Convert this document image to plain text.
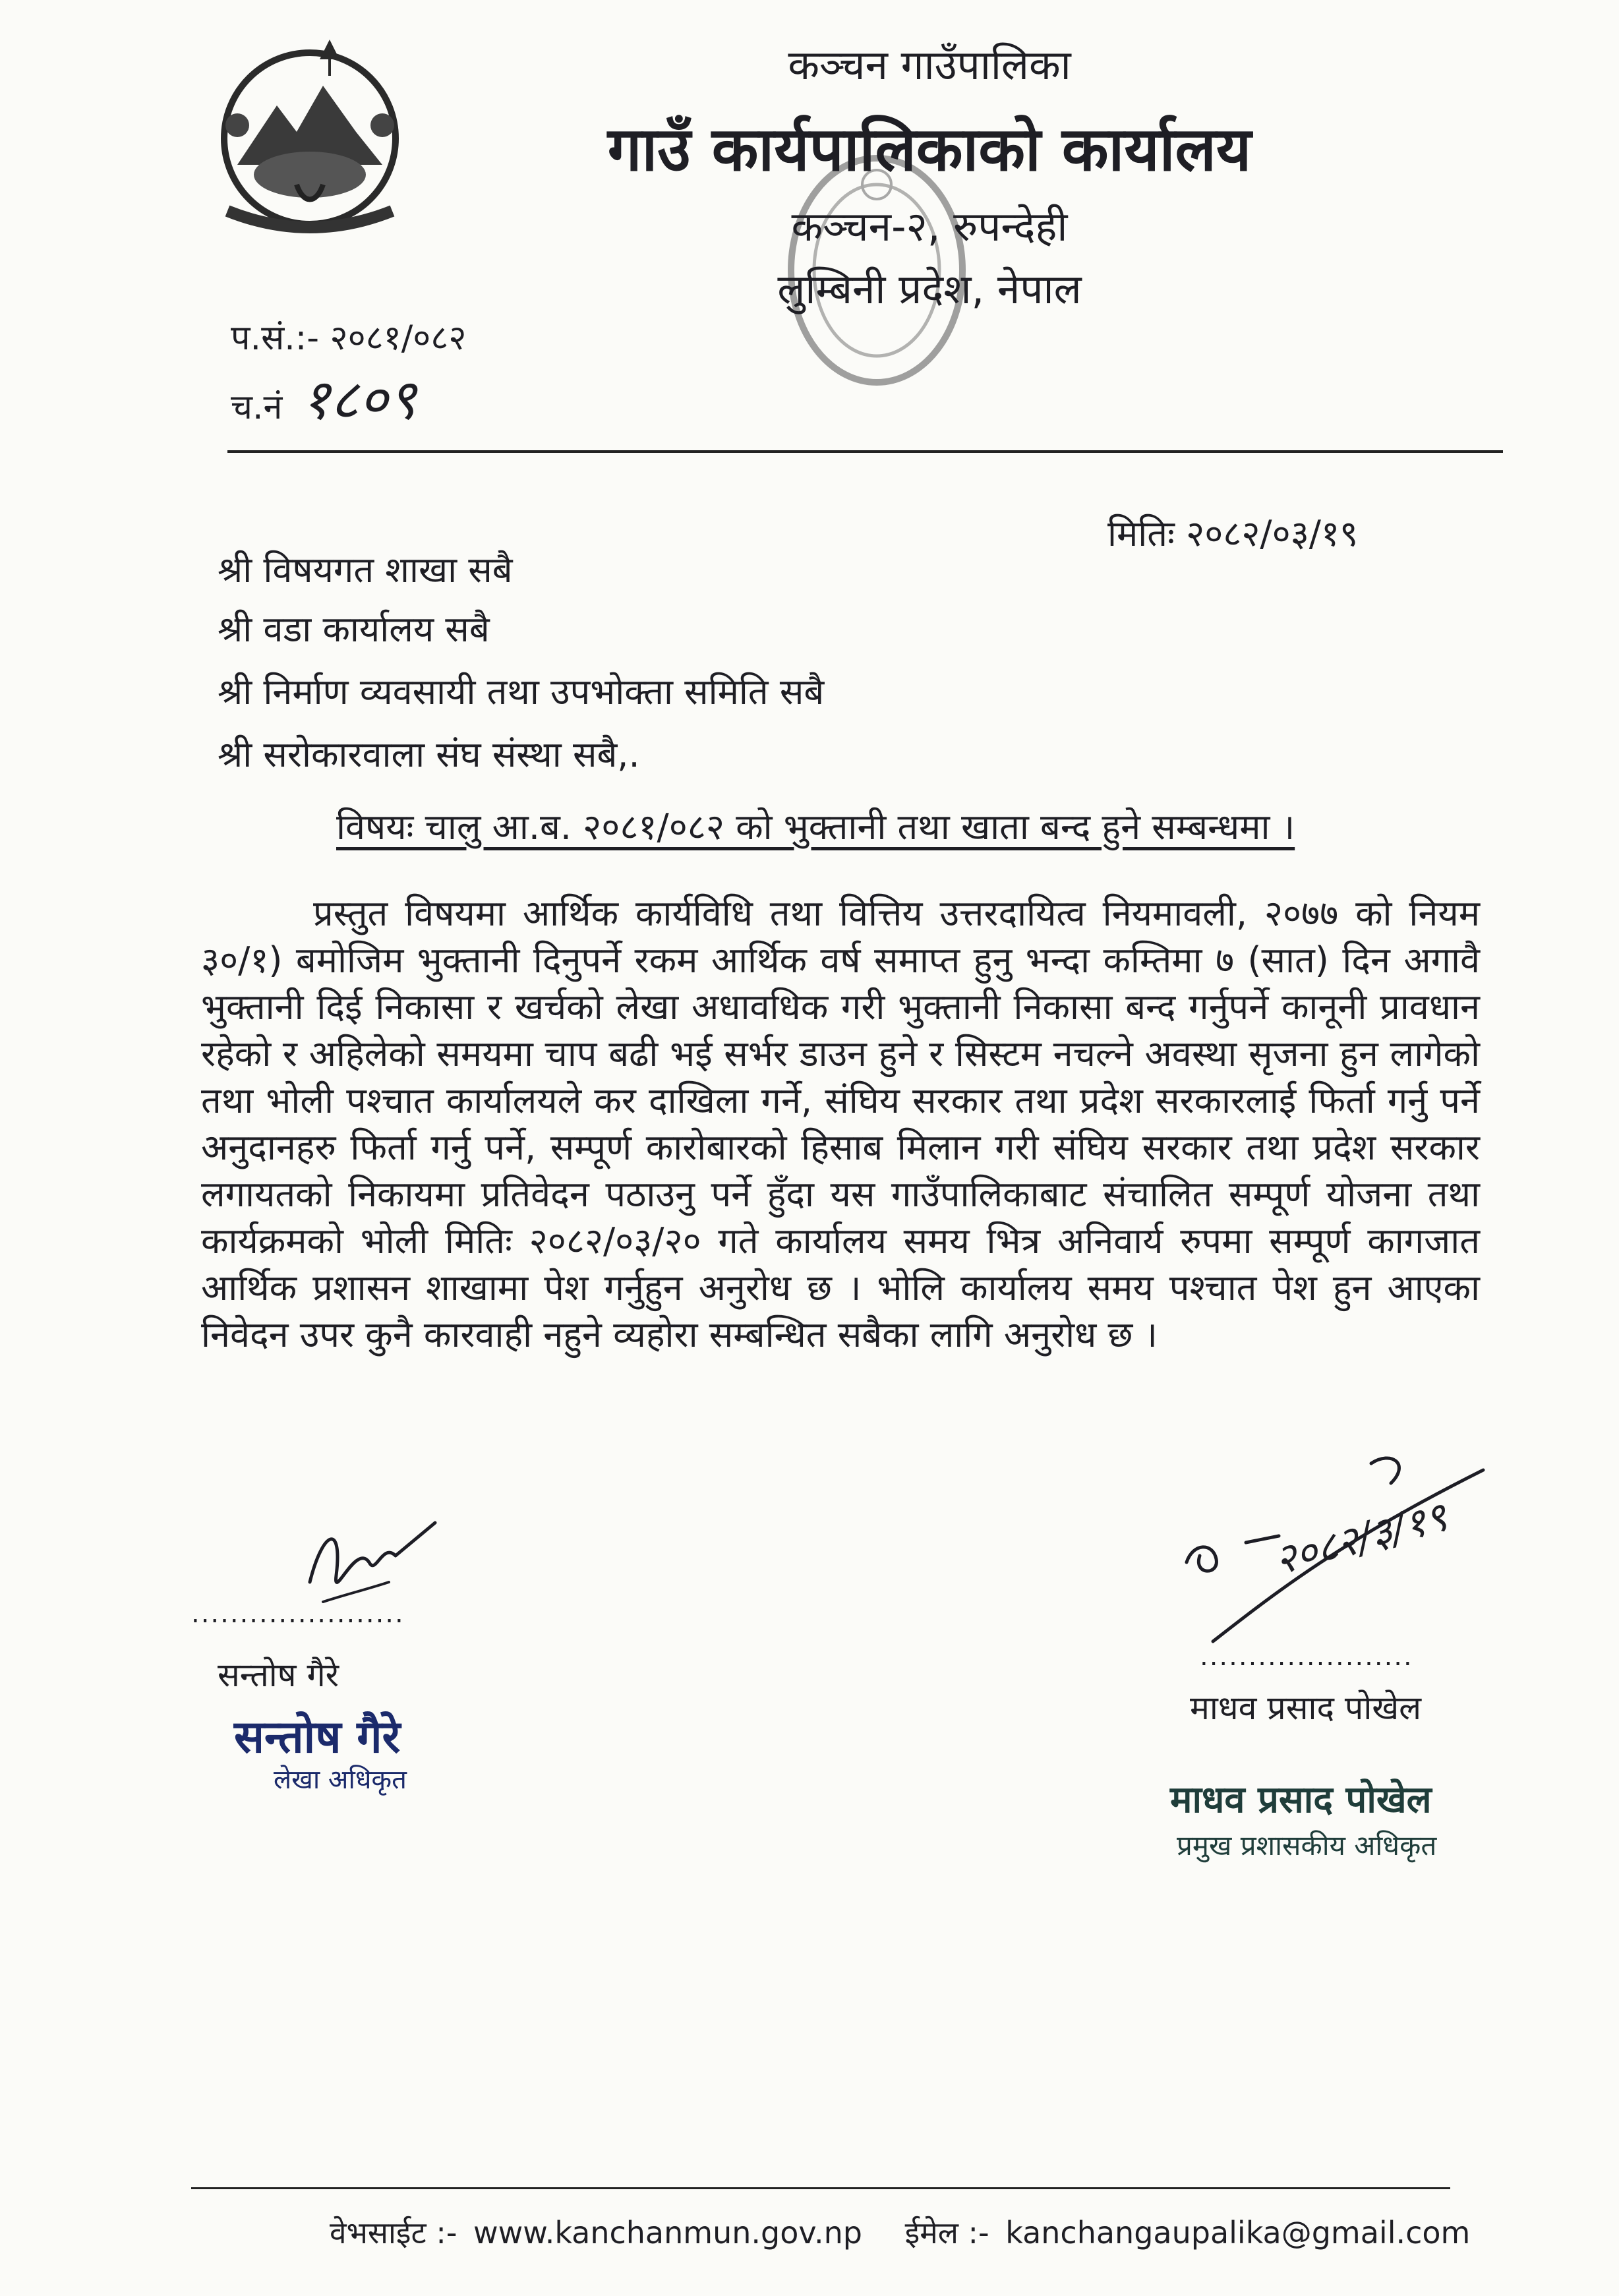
कञ्चन गाउँपालिका
गाउँ कार्यपालिकाको कार्यालय
कञ्चन-२, रुपन्देही
लुम्बिनी प्रदेश, नेपाल
प.सं.:- २०८१/०८२
च.नं १८०९
मितिः २०८२/०३/१९
श्री विषयगत शाखा सबै
श्री वडा कार्यालय सबै
श्री निर्माण व्यवसायी तथा उपभोक्ता समिति सबै
श्री सरोकारवाला संघ संस्था सबै,.
विषयः चालु आ.ब. २०८१/०८२ को भुक्तानी तथा खाता बन्द हुने सम्बन्धमा ।
प्रस्तुत विषयमा आर्थिक कार्यविधि तथा वित्तिय उत्तरदायित्व नियमावली, २०७७ को नियम ३०/१) बमोजिम भुक्तानी दिनुपर्ने रकम आर्थिक वर्ष समाप्त हुनु भन्दा कम्तिमा ७ (सात) दिन अगावै भुक्तानी दिई निकासा र खर्चको लेखा अधावधिक गरी भुक्तानी निकासा बन्द गर्नुपर्ने कानूनी प्रावधान रहेको र अहिलेको समयमा चाप बढी भई सर्भर डाउन हुने र सिस्टम नचल्ने अवस्था सृजना हुन लागेको तथा भोली पश्चात कार्यालयले कर दाखिला गर्ने, संघिय सरकार तथा प्रदेश सरकारलाई फिर्ता गर्नु पर्ने अनुदानहरु फिर्ता गर्नु पर्ने, सम्पूर्ण कारोबारको हिसाब मिलान गरी संघिय सरकार तथा प्रदेश सरकार लगायतको निकायमा प्रतिवेदन पठाउनु पर्ने हुँदा यस गाउँपालिकाबाट संचालित सम्पूर्ण योजना तथा कार्यक्रमको भोली मितिः २०८२/०३/२० गते कार्यालय समय भित्र अनिवार्य रुपमा सम्पूर्ण कागजात आर्थिक प्रशासन शाखामा पेश गर्नुहुन अनुरोध छ । भोलि कार्यालय समय पश्चात पेश हुन आएका निवेदन उपर कुनै कारवाही नहुने व्यहोरा सम्बन्धित सबैका लागि अनुरोध छ ।
......................
सन्तोष गैरे
सन्तोष गैरे
लेखा अधिकृत
२०८२/३/१९
......................
माधव प्रसाद पोखेल
माधव प्रसाद पोखेल
प्रमुख प्रशासकीय अधिकृत
वेभसाईट :- www.kanchanmun.gov.np ईमेल :- kanchangaupalika@gmail.com
